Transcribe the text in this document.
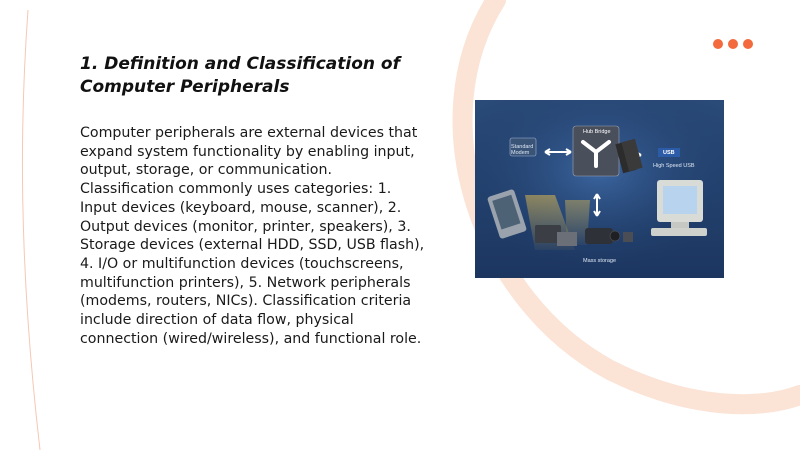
1. Definition and Classification of Computer Peripherals

Computer peripherals are external devices that expand system functionality by enabling input, output, storage, or communication. Classification commonly uses categories: 1. Input devices (keyboard, mouse, scanner), 2. Output devices (monitor, printer, speakers), 3. Storage devices (external HDD, SSD, USB flash), 4. I/O or multifunction devices (touchscreens, multifunction printers), 5. Network peripherals (modems, routers, NICs). Classification criteria include direction of data flow, physical connection (wired/wireless), and functional role.

Standard
Modem
Hub Bridge
USB
High Speed USB
Mass storage
